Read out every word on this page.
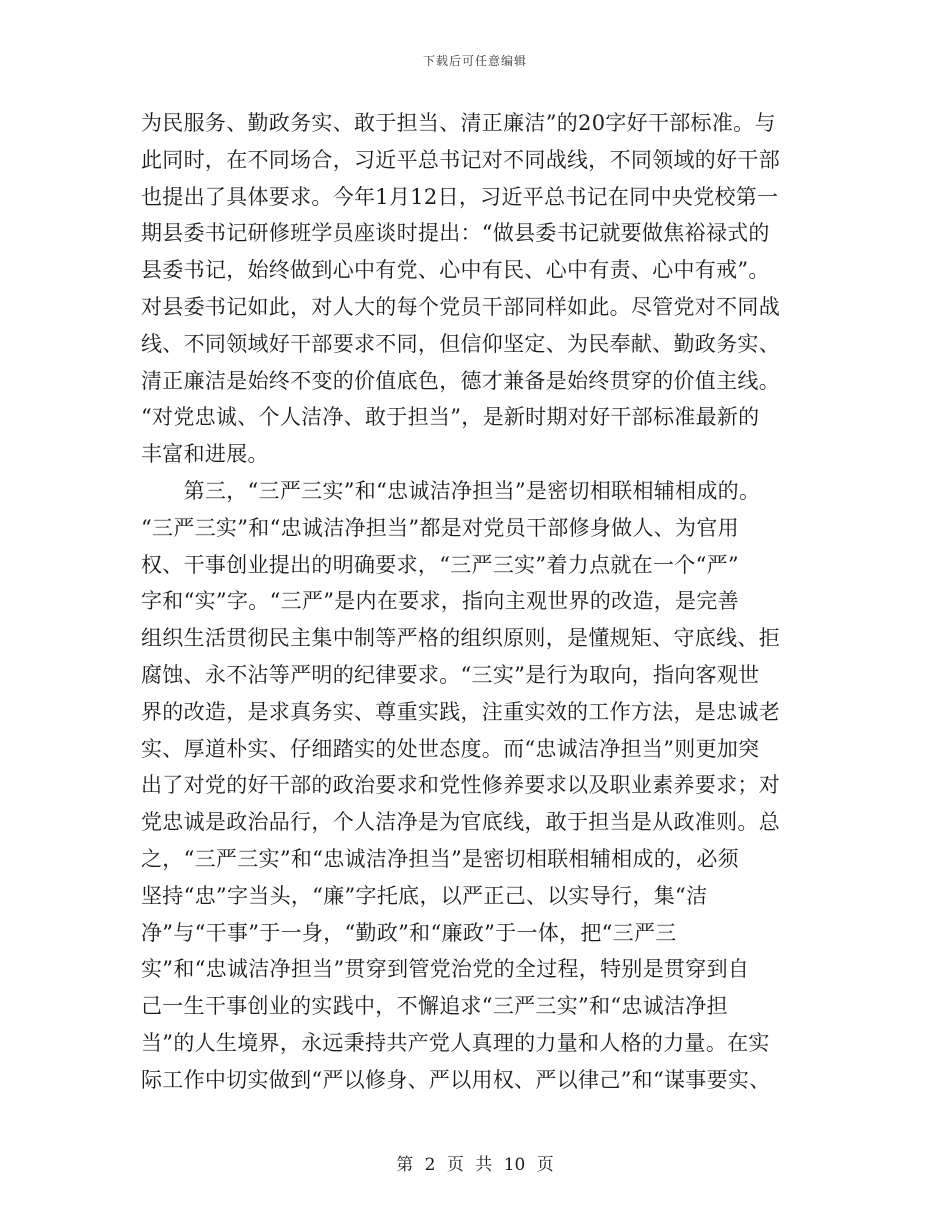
下载后可任意编辑
为民服务、勤政务实、敢于担当、清正廉洁”的20字好干部标准。与
此同时，在不同场合，习近平总书记对不同战线，不同领域的好干部
也提出了具体要求。今年1月12日，习近平总书记在同中央党校第一
期县委书记研修班学员座谈时提出：“做县委书记就要做焦裕禄式的
县委书记，始终做到心中有党、心中有民、心中有责、心中有戒”。
对县委书记如此，对人大的每个党员干部同样如此。尽管党对不同战
线、不同领域好干部要求不同，但信仰坚定、为民奉献、勤政务实、
清正廉洁是始终不变的价值底色，德才兼备是始终贯穿的价值主线。
“对党忠诚、个人洁净、敢于担当”，是新时期对好干部标准最新的
丰富和进展。
　　第三，“三严三实”和“忠诚洁净担当”是密切相联相辅相成的。
“三严三实”和“忠诚洁净担当”都是对党员干部修身做人、为官用
权、干事创业提出的明确要求，“三严三实”着力点就在一个“严”
字和“实”字。“三严”是内在要求，指向主观世界的改造，是完善
组织生活贯彻民主集中制等严格的组织原则，是懂规矩、守底线、拒
腐蚀、永不沾等严明的纪律要求。“三实”是行为取向，指向客观世
界的改造，是求真务实、尊重实践，注重实效的工作方法，是忠诚老
实、厚道朴实、仔细踏实的处世态度。而“忠诚洁净担当”则更加突
出了对党的好干部的政治要求和党性修养要求以及职业素养要求；对
党忠诚是政治品行，个人洁净是为官底线，敢于担当是从政准则。总
之，“三严三实”和“忠诚洁净担当”是密切相联相辅相成的，必须
坚持“忠”字当头，“廉”字托底，以严正己、以实导行，集“洁
净”与“干事”于一身，“勤政”和“廉政”于一体，把“三严三
实”和“忠诚洁净担当”贯穿到管党治党的全过程，特别是贯穿到自
己一生干事创业的实践中，不懈追求“三严三实”和“忠诚洁净担
当”的人生境界，永远秉持共产党人真理的力量和人格的力量。在实
际工作中切实做到“严以修身、严以用权、严以律己”和“谋事要实、
第 2 页 共 10 页
